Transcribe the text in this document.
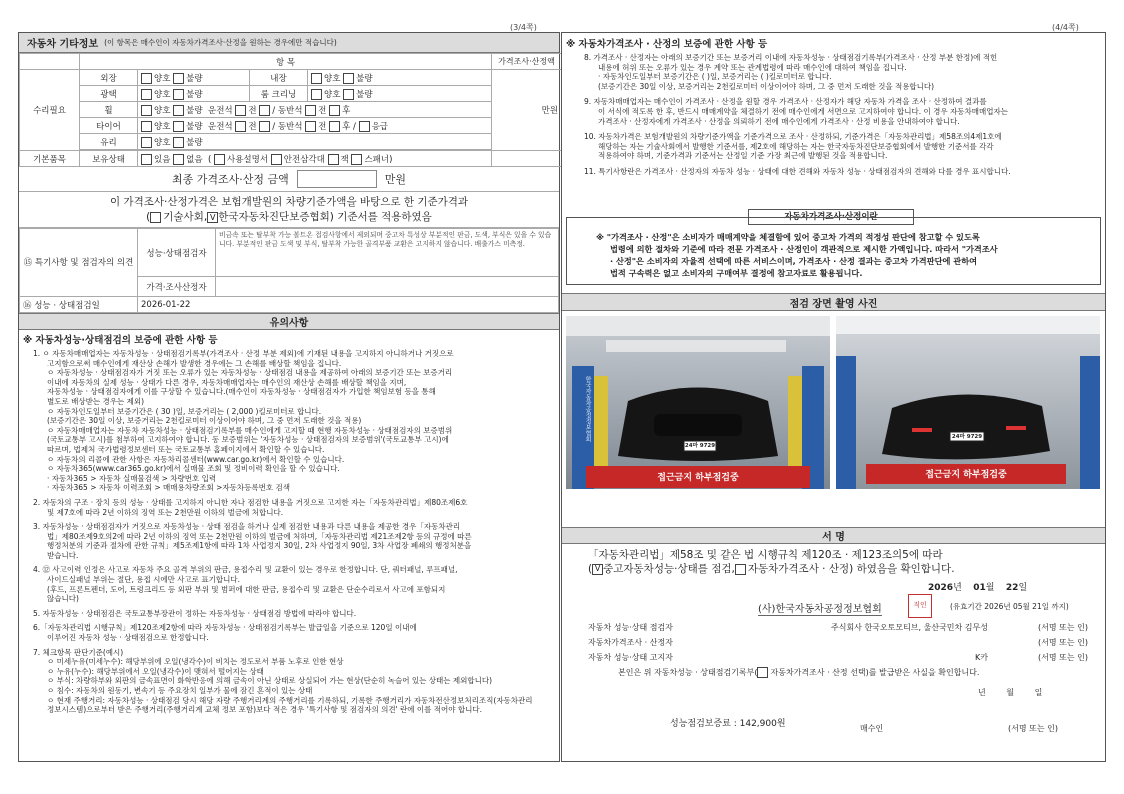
(3/4쪽)	(4/4쪽)
자동차 기타정보 (이 항목은 매수인이 자동차가격조사·산정을 원하는 경우에만 적습니다)
	항 목				가격조사·산정액
수리필요	외장	양호 불량	내장	양호 불량	만원
	광택	양호 불량	룸 크리닝	양호 불량	
	휠	양호 불량 운전석 전 / 동반석 전 후			
	타이어	양호 불량 운전석 전 / 동반석 전 후 / 응급			
	유리	양호 불량			

기본품목	보유상태	있음 없음  ( 사용설명서 안전삼각대 잭 스패너)			
최종 가격조사·산정 금액	만원
이 가격조사·산정가격은 보험개발원의 차량기준가액을 바탕으로 한 기준가격과
( 기술사회, V 한국자동차진단보증협회) 기준서를 적용하였음
⑮ 특기사항 및 점검자의 의견	성능·상태점검자	비금속 또는 탈부착 가능 볼트온 접검사항에서 제외되며 중고차 특성상 부분적인 판금, 도색, 부식은 있을 수 있습니다. 부분적인 판금 도색 및 부식, 탈부착 가능한 골격부품 교환은 고지하지 않습니다. 배출가스 미측정.
	가격·조사산정자	
⑯ 성능 · 상태점검일	2026-01-22	
유의사항
※ 자동차성능·상태점검의 보증에 관한 사항 등
1. ㅇ 자동차매매업자는 자동차성능 · 상태점검기록부(가격조사 · 산정 부분 제외)에 기재된 내용을 고지하지 아니하거나 거짓으로
고지함으로써 매수인에게 재산상 손해가 발생한 경우에는 그 손해를 배상할 책임을 집니다.
ㅇ 자동차성능 · 상태점검자가 거짓 또는 오류가 있는 자동차성능 · 상태점검 내용을 제공하여 아래의 보증기간 또는 보증거리
이내에 자동차의 실제 성능 · 상태가 다른 경우, 자동차매매업자는 매수인의 재산상 손해를 배상할 책임을 지며,
자동차성능 · 상태점검자에게 이를 구상할 수 있습니다.(매수인이 자동차성능 · 상태점검자가 가입한 책임보험 등을 통해
별도로 배상받는 경우는 제외)
ㅇ 자동차인도일부터 보증기간은 ( 30 )일, 보증거리는 ( 2,000 )킬로미터로 합니다.
(보증기간은 30일 이상, 보증거리는 2천킬로미터 이상이어야 하며, 그 중 먼저 도래한 것을 적용)
ㅇ 자동차매매업자는 자동차 자동차성능 · 상태점검기록부를 매수인에게 고지할 때 현행 자동차성능 · 상태점검자의 보증범위
(국토교통부 고시)를 첨부하여 고지하여야 합니다. 동 보증범위는 '자동차성능 · 상태점검자의 보증범위'(국토교통부 고시)에
따르며, 법제처 국가법령정보센터 또는 국토교통부 홈페이지에서 확인할 수 있습니다.
ㅇ 자동차의 리콜에 관한 사항은 자동차리콜센터(www.car.go.kr)에서 확인할 수 있습니다.
ㅇ 자동차365(www.car365.go.kr)에서 실매물 조회 및 정비이력 확인을 할 수 있습니다.
· 자동차365 > 자동차 실매물검색 > 차량번호 입력
· 자동차365 > 자동차 이력조회 > 매매용차량조회 >자동차등록번호 검색
2. 자동차의 구조 · 장치 등의 성능 · 상태를 고지하지 아니한 자나 점검한 내용을 거짓으로 고지한 자는「자동차관리법」제80조제6호
및 제7호에 따라 2년 이하의 징역 또는 2천만원 이하의 벌금에 처합니다.
3. 자동차성능 · 상태점검자가 거짓으로 자동차성능 · 상태 점검을 하거나 실제 점검한 내용과 다른 내용을 제공한 경우「자동차관리
법」제80조제9호의2에 따라 2년 이하의 징역 또는 2천만원 이하의 벌금에 처하며,「자동차관리법 제21조제2항 등의 규정에 따른
행정처분의 기준과 절차에 관한 규칙」제5조제1항에 따라 1차 사업정지 30일, 2차 사업정지 90일, 3차 사업장 폐쇄의 행정처분을
받습니다.
4. ⑫ 사고이력 인정은 사고로 자동차 주요 골격 부위의 판금, 용접수리 및 교환이 있는 경우로 한정합니다. 단, 쿼터패널, 루프패널,
사이드실패널 부위는 절단, 용접 시에만 사고로 표기합니다.
(후드, 프론트펜더, 도어, 트렁크리드 등 외판 부위 및 범퍼에 대한 판금, 용접수리 및 교환은 단순수리로서 사고에 포함되지
않습니다)
5. 자동차성능 · 상태점검은 국토교통부장관이 정하는 자동차성능 · 상태점검 방법에 따라야 합니다.
6.「자동차관리법 시행규칙」제120조제2항에 따라 자동차성능 · 상태점검기록부는 발급일을 기준으로 120일 이내에
이루어진 자동차 성능 · 상태점검으로 한정합니다.
7. 체크항목 판단기준(예시)
ㅇ 미세누유(미세누수): 해당부위에 오일(냉각수)이 비치는 정도로서 부품 노후로 인한 현상
ㅇ 누유(누수): 해당부위에서 오일(냉각수)이 맺혀서 떨어지는 상태
ㅇ 부식: 차량하부와 외판의 금속표면이 화학반응에 의해 금속이 아닌 상태로 상실되어 가는 현상(단순히 녹슬어 있는 상태는 제외합니다)
ㅇ 침수: 자동차의 원동기, 변속기 등 주요장치 일부가 물에 잠긴 흔적이 있는 상태
ㅇ 현재 주행거리: 자동차성능 · 상태점검 당시 해당 자량 주행거리계의 주행거리를 기록하되, 기록한 주행거리가 자동차전산정보처리조직(자동차관리
정보시스템)으로부터 받은 주행거리(주행거리계 교체 정보 포함)보다 적은 경우 '특기사항 및 점검자의 의견' 란에 이를 적어야 합니다.
※ 자동차가격조사 · 산정의 보증에 관한 사항 등
8. 가격조사 · 산정자는 아래의 보증기간 또는 보증거리 이내에 자동차성능 · 상태점검기록부(가격조사 · 산정 부분 한정)에 적힌
내용에 허위 또는 오류가 있는 경우 계약 또는 관계법령에 따라 매수인에 대하여 책임을 집니다.
· 자동차인도일부터 보증기간은 ( )일, 보증거리는 ( )킬로미터로 합니다.
(보증기간은 30일 이상, 보증거리는 2천킬로미터 이상이어야 하며, 그 중 먼저 도래한 것을 적용합니다)
9. 자동차매매업자는 매수인이 가격조사 · 산정을 원할 경우 가격조사 · 산정자가 해당 자동차 가격을 조사 · 산정하여 결과를
이 서식에 적도록 한 후, 반드시 매매계약을 체결하기 전에 매수인에게 서면으로 고지하여야 합니다. 이 경우 자동차매매업자는
가격조사 · 산정자에게 가격조사 · 산정을 의뢰하기 전에 매수인에게 가격조사 · 산정 비용을 안내하여야 합니다.
10. 자동차가격은 보험개발원의 차량기준가액을 기준가격으로 조사 · 산정하되, 기준가격은「자동차관리법」제58조의4제1호에
해당하는 자는 기술사회에서 발행한 기준서를, 제2호에 해당하는 자는 한국자동차진단보증협회에서 발행한 기준서를 각각
적용하여야 하며, 기준가격과 기준서는 산정일 기준 가장 최근에 발행된 것을 적용합니다.
11. 특기사항란은 가격조사 · 산정자의 자동차 성능 · 상태에 대한 견해와 자동차 성능 · 상태점검자의 견해와 다를 경우 표시합니다.
자동차가격조사·산정이란
※ "가격조사 · 산정"은 소비자가 매매계약을 체결함에 있어 중고차 가격의 적정성 판단에 참고할 수 있도록
법령에 의한 절차와 기준에 따라 전문 가격조사 · 산정인이 객관적으로 제시한 가액입니다. 따라서 "가격조사
· 산정"은 소비자의 자율적 선택에 따른 서비스이며, 가격조사 · 산정 결과는 중고차 가격판단에 관하여
법적 구속력은 없고 소비자의 구매여부 결정에 참고자료로 활용됩니다.
점검 장면 촬영 사진
24마 9729
접근금지 하부점검중
한국자동차공정정보협회	24마 9729
접근금지 하부점검중
서 명
「자동차관리법」제58조 및 같은 법 시행규칙 제120조 · 제123조의5에 따라
( V 중고자동차성능·상태를 점검, 자동차가격조사 · 산정) 하였음을 확인합니다.
2026년 01월 22일
(사)한국자동차공정정보협회	직인	(유효기간 2026년 05월 21일 까지)
자동차 성능·상태 점검자	주식회사 한국오토모티브, 울산국민차 김무성	(서명 또는 인)
자동차가격조사 · 산정자	(서명 또는 인)
자동차 성능·상태 고지자	K카	(서명 또는 인)
본인은 위 자동차성능 · 상태점검기록부( 자동차가격조사 · 산정 선택)를 발급받은 사실을 확인합니다.
년	월	일
성능점검보증료 : 142,900원	매수인	(서명 또는 인)
